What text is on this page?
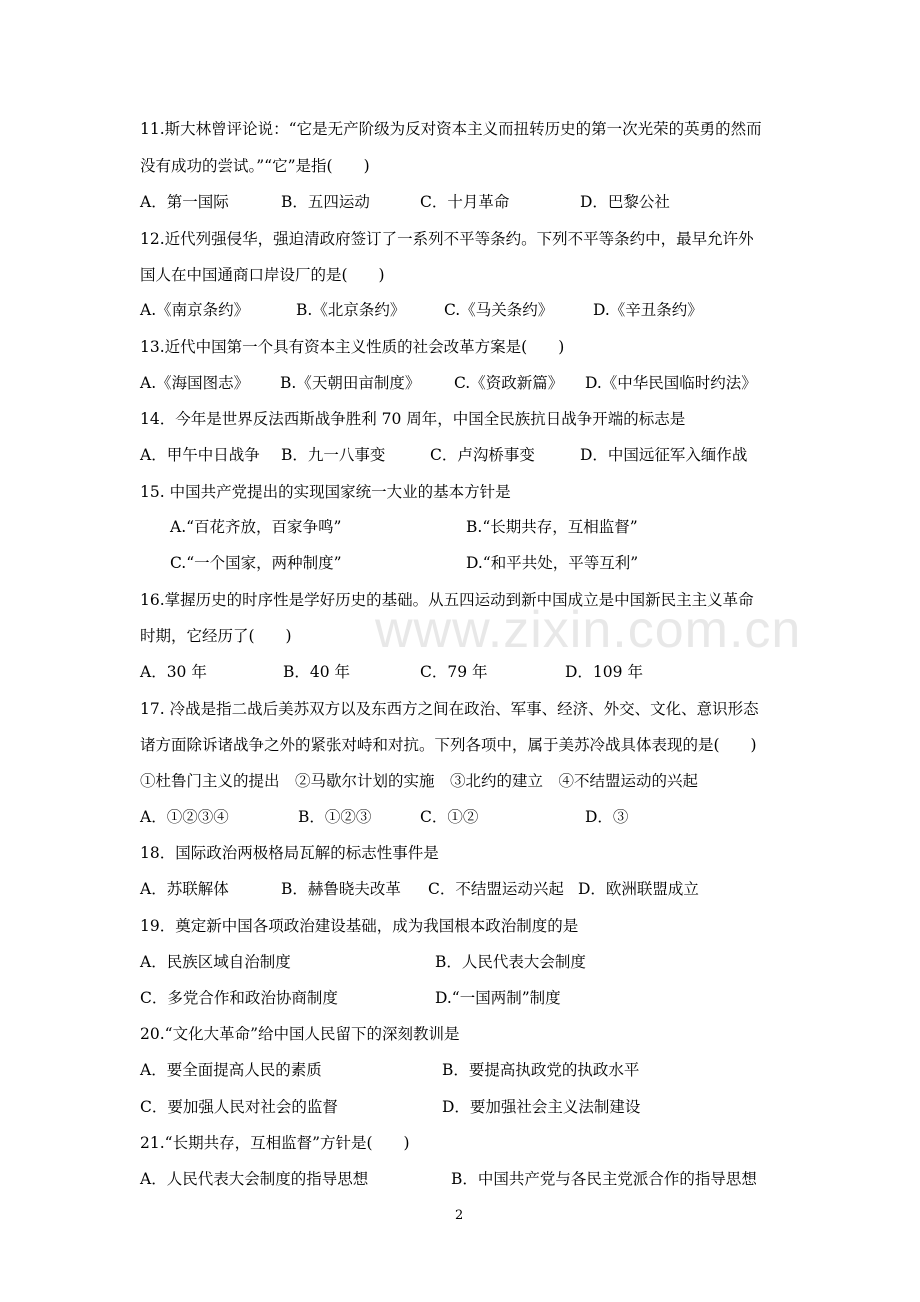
11.斯大林曾评论说：“它是无产阶级为反对资本主义而扭转历史的第一次光荣的英勇的然而
没有成功的尝试。”“它”是指(　　)
A．第一国际	B．五四运动	C．十月革命	D．巴黎公社
12.近代列强侵华，强迫清政府签订了一系列不平等条约。下列不平等条约中，最早允许外
国人在中国通商口岸设厂的是(　　)
A.《南京条约》	B.《北京条约》 C.《马关条约》	D.《辛丑条约》
13.近代中国第一个具有资本主义性质的社会改革方案是(　　)
A.《海国图志》 B.《天朝田亩制度》 C.《资政新篇》 D.《中华民国临时约法》
14．今年是世界反法西斯战争胜利 70 周年，中国全民族抗日战争开端的标志是
A．甲午中日战争 B．九一八事变	C．卢沟桥事变	D．中国远征军入缅作战
15. 中国共产党提出的实现国家统一大业的基本方针是
A.“百花齐放，百家争鸣”	B.“长期共存，互相监督”
C.“一个国家，两种制度”	D.“和平共处，平等互利”
16.掌握历史的时序性是学好历史的基础。从五四运动到新中国成立是中国新民主主义革命
时期，它经历了(　　)
A．30 年	B．40 年	C．79 年	D．109 年
17. 冷战是指二战后美苏双方以及东西方之间在政治、军事、经济、外交、文化、意识形态
诸方面除诉诸战争之外的紧张对峙和对抗。下列各项中，属于美苏冷战具体表现的是(　　)
①杜鲁门主义的提出　②马歇尔计划的实施　③北约的建立　④不结盟运动的兴起
A．①②③④	B．①②③	C．①②	D．③
18．国际政治两极格局瓦解的标志性事件是
A．苏联解体	B．赫鲁晓夫改革 C．不结盟运动兴起 D．欧洲联盟成立
19．奠定新中国各项政治建设基础，成为我国根本政治制度的是
A．民族区域自治制度	B．人民代表大会制度
C．多党合作和政治协商制度	D.“一国两制”制度
20.“文化大革命”给中国人民留下的深刻教训是
A．要全面提高人民的素质	B．要提高执政党的执政水平
C．要加强人民对社会的监督	D．要加强社会主义法制建设
21.“长期共存，互相监督”方针是(　　)
A．人民代表大会制度的指导思想	B．中国共产党与各民主党派合作的指导思想
www.zixin.com.cn
2
